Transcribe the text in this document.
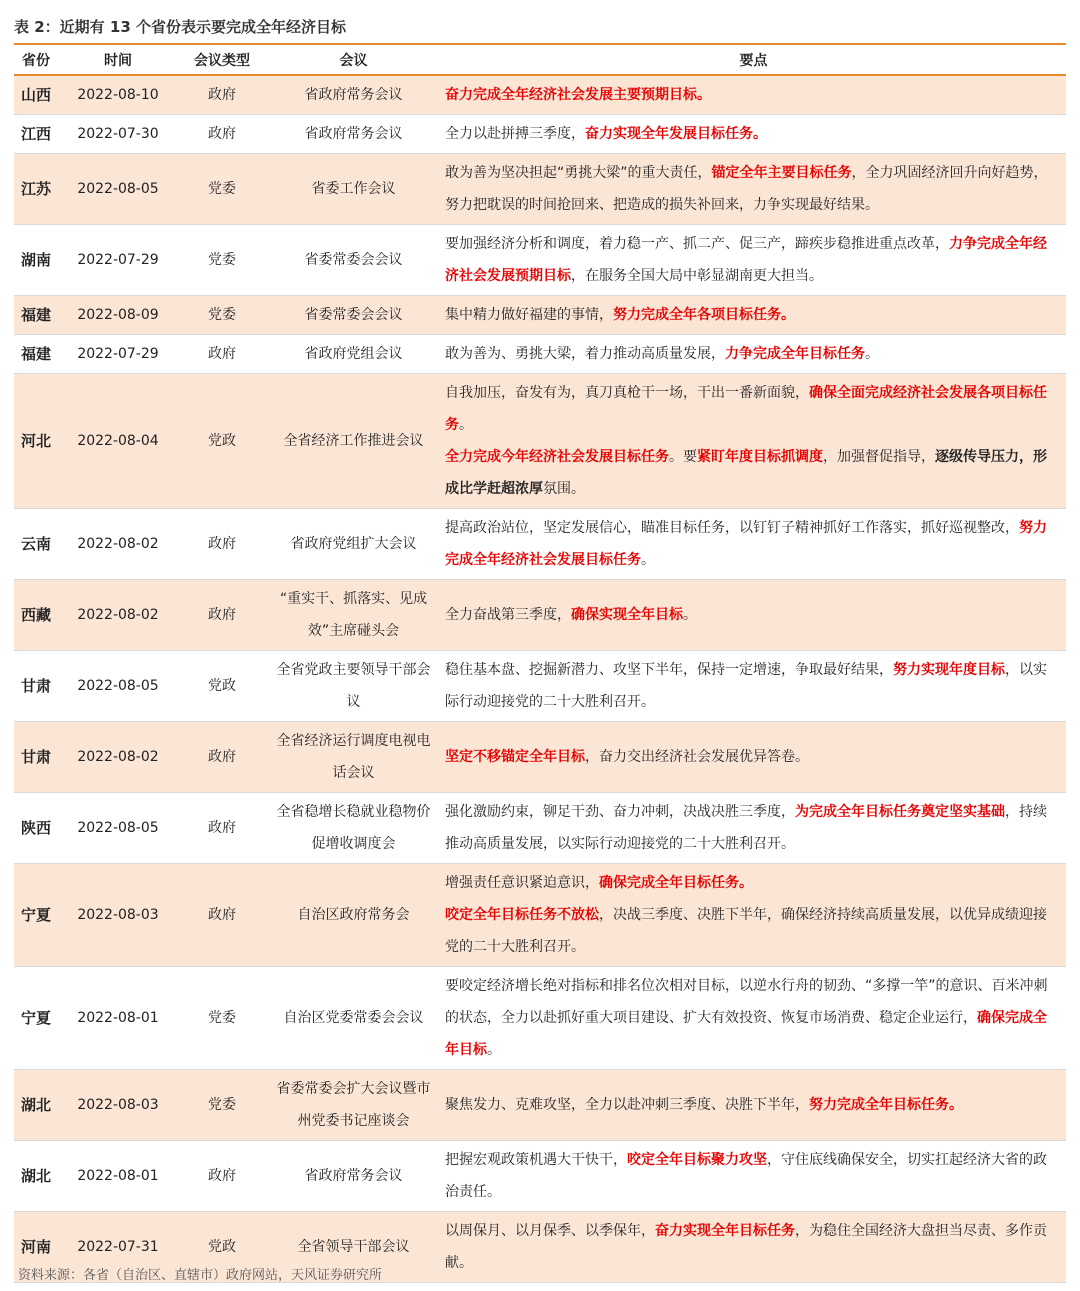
表 2：近期有 13 个省份表示要完成全年经济目标
省份	时间	会议类型	会议	要点
山西	2022-08-10	政府	省政府常务会议	奋力完成全年经济社会发展主要预期目标。

江西	2022-07-30	政府	省政府常务会议	全力以赴拼搏三季度，奋力实现全年发展目标任务。

江苏	2022-08-05	党委	省委工作会议	敢为善为坚决担起“勇挑大梁”的重大责任，锚定全年主要目标任务，全力巩固经济回升向好趋势，努力把耽误的时间抢回来、把造成的损失补回来，力争实现最好结果。

湖南	2022-07-29	党委	省委常委会会议	要加强经济分析和调度，着力稳一产、抓二产、促三产，蹄疾步稳推进重点改革，力争完成全年经济社会发展预期目标，在服务全国大局中彰显湖南更大担当。

福建	2022-08-09	党委	省委常委会会议	集中精力做好福建的事情，努力完成全年各项目标任务。

福建	2022-07-29	政府	省政府党组会议	敢为善为、勇挑大梁，着力推动高质量发展，力争完成全年目标任务。

河北	2022-08-04	党政	全省经济工作推进会议	自我加压，奋发有为，真刀真枪干一场，干出一番新面貌，确保全面完成经济社会发展各项目标任务。
全力完成今年经济社会发展目标任务。要紧盯年度目标抓调度，加强督促指导，逐级传导压力，形成比学赶超浓厚氛围。

云南	2022-08-02	政府	省政府党组扩大会议	提高政治站位，坚定发展信心，瞄准目标任务，以钉钉子精神抓好工作落实，抓好巡视整改，努力完成全年经济社会发展目标任务。

西藏	2022-08-02	政府	“重实干、抓落实、见成效”主席碰头会	全力奋战第三季度，确保实现全年目标。

甘肃	2022-08-05	党政	全省党政主要领导干部会议	稳住基本盘、挖掘新潜力、攻坚下半年，保持一定增速，争取最好结果，努力实现年度目标，以实际行动迎接党的二十大胜利召开。

甘肃	2022-08-02	政府	全省经济运行调度电视电话会议	坚定不移锚定全年目标，奋力交出经济社会发展优异答卷。

陕西	2022-08-05	政府	全省稳增长稳就业稳物价促增收调度会	强化激励约束，铆足干劲、奋力冲刺，决战决胜三季度，为完成全年目标任务奠定坚实基础，持续推动高质量发展，以实际行动迎接党的二十大胜利召开。

宁夏	2022-08-03	政府	自治区政府常务会	增强责任意识紧迫意识，确保完成全年目标任务。
咬定全年目标任务不放松，决战三季度、决胜下半年，确保经济持续高质量发展，以优异成绩迎接党的二十大胜利召开。

宁夏	2022-08-01	党委	自治区党委常委会会议	要咬定经济增长绝对指标和排名位次相对目标，以逆水行舟的韧劲、“多撑一竿”的意识、百米冲刺的状态，全力以赴抓好重大项目建设、扩大有效投资、恢复市场消费、稳定企业运行，确保完成全年目标。

湖北	2022-08-03	党委	省委常委会扩大会议暨市州党委书记座谈会	聚焦发力、克难攻坚，全力以赴冲刺三季度、决胜下半年，努力完成全年目标任务。

湖北	2022-08-01	政府	省政府常务会议	把握宏观政策机遇大干快干，咬定全年目标聚力攻坚，守住底线确保安全，切实扛起经济大省的政治责任。

河南	2022-07-31	党政	全省领导干部会议	以周保月、以月保季、以季保年，奋力实现全年目标任务，为稳住全国经济大盘担当尽责、多作贡献。
资料来源：各省（自治区、直辖市）政府网站，天风证券研究所
